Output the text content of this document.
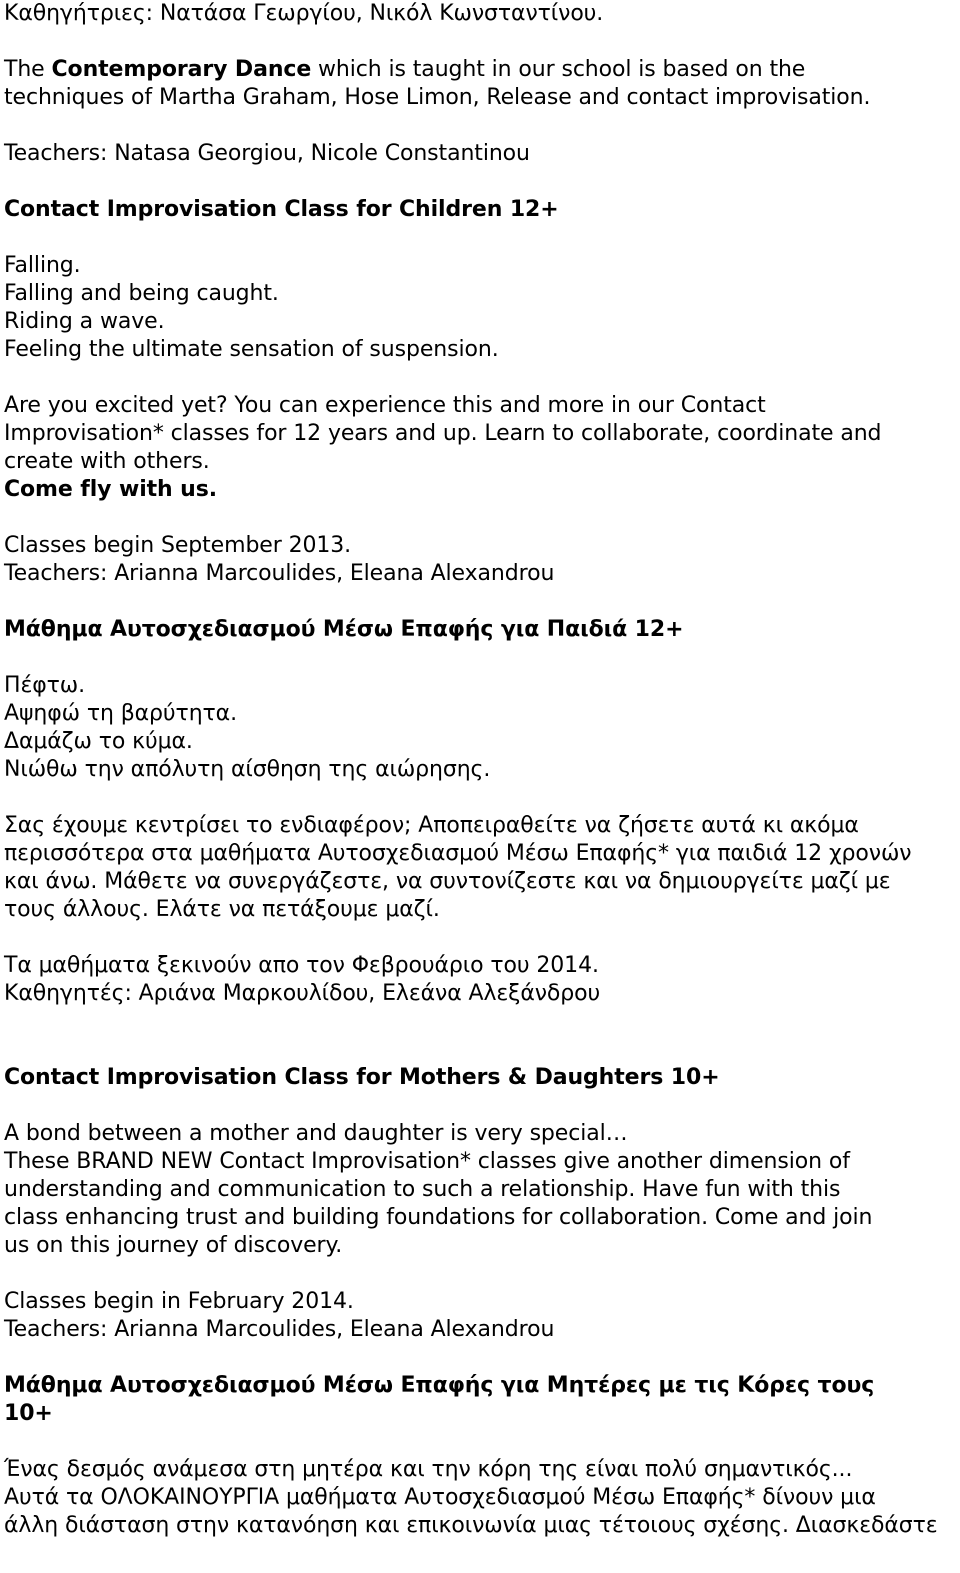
Καθηγήτριες: Νατάσα Γεωργίου, Νικόλ Κωνσταντίνου.
The Contemporary Dance which is taught in our school is based on the
techniques of Martha Graham, Hose Limon, Release and contact improvisation.
Teachers: Natasa Georgiou, Nicole Constantinou
Contact Improvisation Class for Children 12+
Falling.
Falling and being caught.
Riding a wave.
Feeling the ultimate sensation of suspension.
Are you excited yet? You can experience this and more in our Contact
Improvisation* classes for 12 years and up. Learn to collaborate, coordinate and
create with others.
Come fly with us.
Classes begin September 2013.
Teachers: Arianna Marcoulides, Eleana Alexandrou
Μάθημα Αυτοσχεδιασμού Μέσω Επαφής για Παιδιά 12+
Πέφτω.
Αψηφώ τη βαρύτητα.
Δαμάζω το κύμα.
Νιώθω την απόλυτη αίσθηση της αιώρησης.
Σας έχουμε κεντρίσει το ενδιαφέρον; Αποπειραθείτε να ζήσετε αυτά κι ακόμα
περισσότερα στα μαθήματα Αυτοσχεδιασμού Μέσω Επαφής* για παιδιά 12 χρονών
και άνω. Μάθετε να συνεργάζεστε, να συντονίζεστε και να δημιουργείτε μαζί με
τους άλλους. Ελάτε να πετάξουμε μαζί.
Τα μαθήματα ξεκινούν απο τον Φεβρουάριο του 2014.
Καθηγητές: Αριάνα Μαρκουλίδου, Ελεάνα Αλεξάνδρου
Contact Improvisation Class for Mothers & Daughters 10+
A bond between a mother and daughter is very special…
These BRAND NEW Contact Improvisation* classes give another dimension of
understanding and communication to such a relationship. Have fun with this
class enhancing trust and building foundations for collaboration. Come and join
us on this journey of discovery.
Classes begin in February 2014.
Teachers: Arianna Marcoulides, Eleana Alexandrou
Μάθημα Αυτοσχεδιασμού Μέσω Επαφής για Μητέρες με τις Κόρες τους
10+
Ένας δεσμός ανάμεσα στη μητέρα και την κόρη της είναι πολύ σημαντικός...
Αυτά τα ΟΛΟΚΑΙΝΟΥΡΓΙΑ μαθήματα Αυτοσχεδιασμού Μέσω Επαφής* δίνουν μια
άλλη διάσταση στην κατανόηση και επικοινωνία μιας τέτοιους σχέσης. Διασκεδάστε
